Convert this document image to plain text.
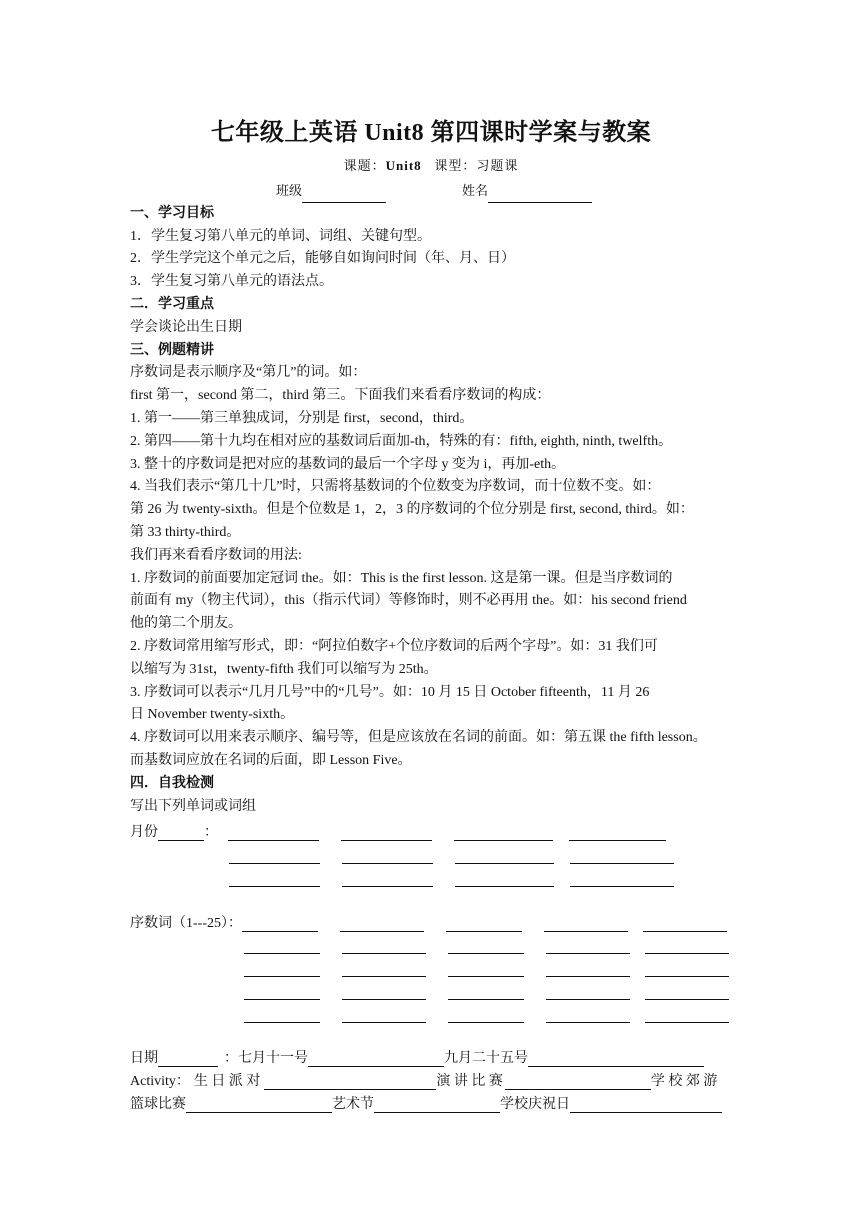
七年级上英语 Unit8 第四课时学案与教案
课题：Unit8 课型：习题课
班级	姓名
一、学习目标
1．学生复习第八单元的单词、词组、关键句型。
2．学生学完这个单元之后，能够自如询问时间（年、月、日）
3．学生复习第八单元的语法点。
二．学习重点
学会谈论出生日期
三、例题精讲
序数词是表示顺序及“第几”的词。如：
first 第一，second 第二，third 第三。下面我们来看看序数词的构成：
1. 第一——第三单独成词，分别是 first，second，third。
2. 第四——第十九均在相对应的基数词后面加-th，特殊的有：fifth, eighth, ninth, twelfth。
3. 整十的序数词是把对应的基数词的最后一个字母 y 变为 i，再加-eth。
4. 当我们表示“第几十几”时，只需将基数词的个位数变为序数词，而十位数不变。如：
第 26 为 twenty-sixth。但是个位数是 1，2，3 的序数词的个位分别是 first, second, third。如：
第 33 thirty-third。
我们再来看看序数词的用法:
1. 序数词的前面要加定冠词 the。如：This is the first lesson. 这是第一课。但是当序数词的
前面有 my（物主代词），this（指示代词）等修饰时，则不必再用 the。如：his second friend
他的第二个朋友。
2. 序数词常用缩写形式，即：“阿拉伯数字+个位序数词的后两个字母”。如：31 我们可
以缩写为 31st，twenty-fifth 我们可以缩写为 25th。
3. 序数词可以表示“几月几号”中的“几号”。如：10 月 15 日 October fifteenth，11 月 26
日 November twenty-sixth。
4. 序数词可以用来表示顺序、编号等，但是应该放在名词的前面。如：第五课 the fifth lesson。
而基数词应放在名词的后面，即 Lesson Five。
四．自我检测
写出下列单词或词组
月份	：
序数词（1---25）：
日期	： 七月十一号	九月二十五号
Activity： 生 日 派 对	演 讲 比 赛	学 校 郊 游
篮球比赛	艺术节	学校庆祝日
